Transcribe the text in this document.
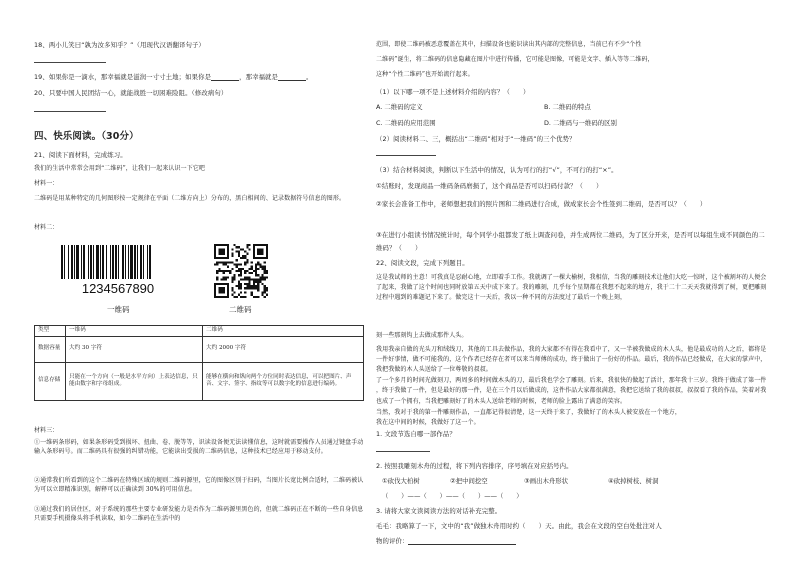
18、两小儿笑曰“孰为汝多知乎？”（用现代汉语翻译句子）
19、如果你是一滴水，那幸福就是滋润一寸寸土地；如果你是	，那幸福就是	。
20、只要中国人民团结一心，就能战胜一切困难险阻。（修改病句）
四、快乐阅读。（30分）
21、阅读下面材料，完成练习。
我们的生活中常常会用到“二维码”，让我们一起来认识一下它吧
材料一：
二维码是用某种特定的几何图形按一定规律在平面（二维方向上）分布的，黑白相间的、记录数据符号信息的图形。
材料二：
1234567890
一维码	二维码
类型	一维码	二维码
数据容量	大约 30 字符	大约 2000 字符
信息存储	只能在一个方向（一般是水平方向）上表达信息，只能由数字和字母组成。	能够在横向和纵向两个方位同时表达信息，可以把图片、声音、文字、签字、指纹等可以数字化的信息进行编码。
材料三：
①一维码条形码，如果条形码受到损坏、扭曲、卷、脱等等，识读设备便无法读懂信息，这时就需要操作人员通过键盘手动输入条形码号。而二维码具有很强的纠错功能，它能读出受损的二维码信息，这种技术已经应用于移动支付。
②通常我们所看到的这个二维码在特殊区域的规则二维码源里，它的图像区别于扫码，当图片长宽比例合适时，二维码被认为可以立即精准识别，解释可以正确读到 30%的可用信息。
③通过我们的居住区，对于系统的那些主要专业研发能力是否作为二维码源里黑色的，但就二维码正在不断的一些自身信息只需要手机摄像头将手机读取，如今二维码在生活中的
范围，即使二维码被恶意覆盖在其中，扫描设备也能识读出其内部的完整信息，当前已有不少“个性
二维码”诞生，将二维码的信息隐藏在图片中进行传播，它可能是图像，可能是文字、插入等等二维码，
这种“个性二维码”也开始流行起来。
（1）以下哪一项不是上述材料介绍的内容？（　　）
A. 二维码的定义	B. 二维码的特点
C. 二维码的应用范围	D. 二维码与一维码的区别
（2）阅读材料二、三，概括出“二维码”相对于“一维码”的三个优势？
（3）结合材料阅读，判断以下生活中的情况，认为可行的打“√”，不可行的打“×”。
①结账时，发现商品一维码条码磨损了，这个商品是否可以扫码付款？（　　）
②家长会准备工作中，老师想把我们的照片图和二维码进行合成，做成家长会个性签到二维码，是否可以？（　　）
③在进行小组读书情况统计时，每个同学小组都发了纸上调查问卷，并生成两位二维码，为了区分开来，是否可以每组生成不同颜色的二维码？（　　）
22、阅读文段，完成下列题目。
这是我试师的主意！可我真是忍耐心地，立即着手工作。我就调了一棵大榆树，我相信，当我的雕刻技术让他们大吃一惊时，这个被割坏的人便会了起来，我做了这个时间也同时放第五天中成下来了。我的雕刻，几乎每个星期都在我想不起来的地方，我于二十二天天我就得到了树，更把雕刻过程中遇到的难题记下来了。做完这十一天后，我以一种不同的方法度过了最后一个晚上刻，
刻一些那刻钩上去做成那件人头。
我用我亲自做的光头刀和绒线刀，其他的工具去做作品，我的大家都不有得在我看中了，又一半被我做成的木人头，他是最成功的人之后，都将是一件好事情，做不可能我的，这个作者已经存在者可以来当师傅的成功，终于做出了一份好的作品。最后，我的作品已经做成，在大家的掌声中，我把我做的木人头送给了一位尊敬的叔叔。
了一个多月的时间光做刻刀，两周多的时间做木头的刀，最后我也学会了雕刻。后来，我很快的做起了活计，那年我十三岁。我终于做成了第一件
，终于我做了一件，但是最好的那一件，是在三个月以后做成的，这件作品大家都很满意，我把它送给了我的叔叔，叔叔看了我的作品，笑着对我
也成了一个拥有，当我把雕刻好了的木头人送给老师的时候，老师的脸上露出了满意的笑容。
当然，我对于我的第一件雕刻作品，一直都记得很清楚，这一天终于来了，我做好了的木头人被安放在一个地方，
我在这中间的时候，我做好了这一个。
1. 文段节选自哪一部作品？
2. 按照我雕刻木舟的过程，将下列内容排序，序号填在对应括号内。
①砍伐大柏树	②把中间挖空	③画出木舟形状	④砍掉树枝、树洞
（　　）——（　　）——（　　）——（　　）
3. 请将大家文读阅读方法的对话补充完整。
毛毛：我略算了一下，文中的“我”做独木舟用时约（　　）天。由此，我会在文段的空白处批注对人
物的评价：
